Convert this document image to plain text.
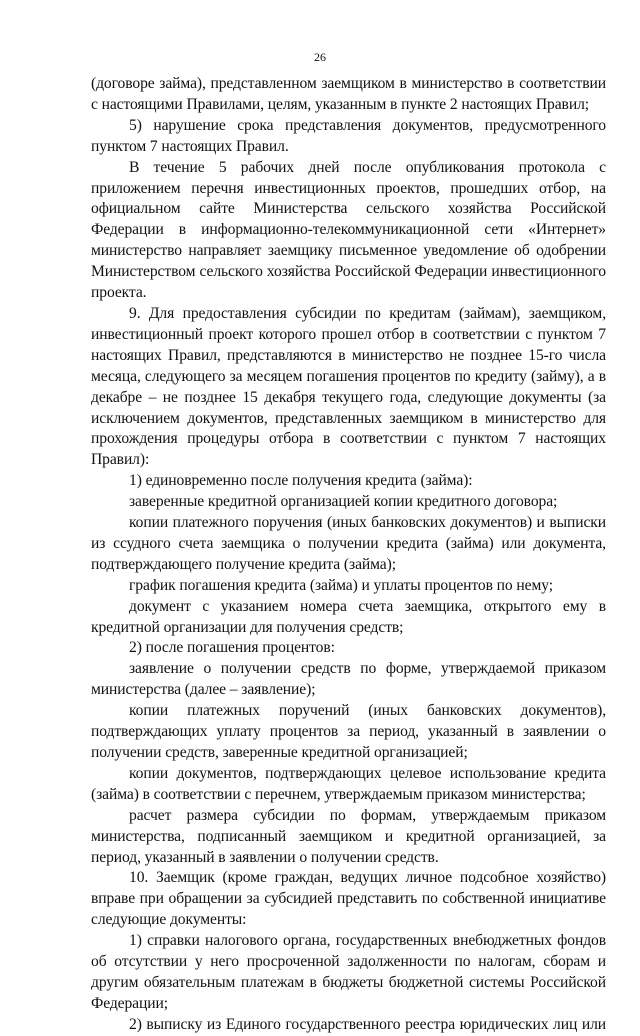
26

(договоре займа), представленном заемщиком в министерство в соответствии с настоящими Правилами, целям, указанным в пункте 2 настоящих Правил;

5) нарушение срока представления документов, предусмотренного пунктом 7 настоящих Правил.

В течение 5 рабочих дней после опубликования протокола с приложением перечня инвестиционных проектов, прошедших отбор, на официальном сайте Министерства сельского хозяйства Российской Федерации в информационно-телекоммуникационной сети «Интернет» министерство направляет заемщику письменное уведомление об одобрении Министерством сельского хозяйства Российской Федерации инвестиционного проекта.

9. Для предоставления субсидии по кредитам (займам), заемщиком, инвестиционный проект которого прошел отбор в соответствии с пунктом 7 настоящих Правил, представляются в министерство не позднее 15-го числа месяца, следующего за месяцем погашения процентов по кредиту (займу), а в декабре – не позднее 15 декабря текущего года, следующие документы (за исключением документов, представленных заемщиком в министерство для прохождения процедуры отбора в соответствии с пунктом 7 настоящих Правил):

1) единовременно после получения кредита (займа):

заверенные кредитной организацией копии кредитного договора;

копии платежного поручения (иных банковских документов) и выписки из ссудного счета заемщика о получении кредита (займа) или документа, подтверждающего получение кредита (займа);

график погашения кредита (займа) и уплаты процентов по нему;

документ с указанием номера счета заемщика, открытого ему в кредитной организации для получения средств;

2) после погашения процентов:

заявление о получении средств по форме, утверждаемой приказом министерства (далее – заявление);

копии платежных поручений (иных банковских документов), подтверждающих уплату процентов за период, указанный в заявлении о получении средств, заверенные кредитной организацией;

копии документов, подтверждающих целевое использование кредита (займа) в соответствии с перечнем, утверждаемым приказом министерства;

расчет размера субсидии по формам, утверждаемым приказом министерства, подписанный заемщиком и кредитной организацией, за период, указанный в заявлении о получении средств.

10. Заемщик (кроме граждан, ведущих личное подсобное хозяйство) вправе при обращении за субсидией представить по собственной инициативе следующие документы:

1) справки налогового органа, государственных внебюджетных фондов об отсутствии у него просроченной задолженности по налогам, сборам и другим обязательным платежам в бюджеты бюджетной системы Российской Федерации;

2) выписку из Единого государственного реестра юридических лиц или
